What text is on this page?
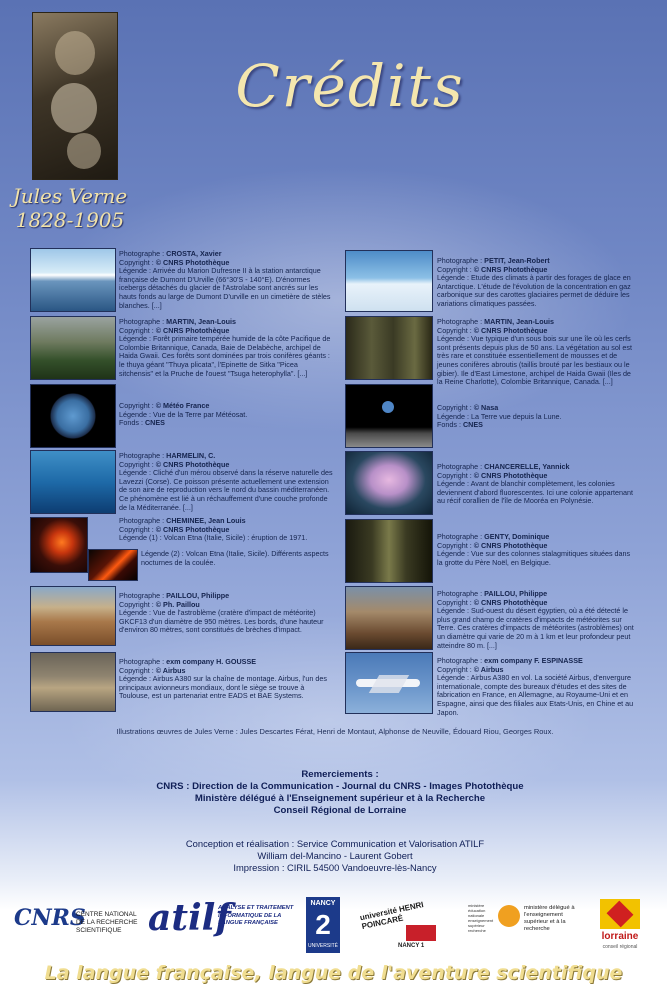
Jules Verne
1828-1905
Crédits
Photographe : CROSTA, Xavier
Copyright : © CNRS Photothèque
Légende : Arrivée du Marion Dufresne II à la station antarctique française de Dumont D'Urville (66°30'S - 140°E). D'énormes icebergs détachés du glacier de l'Astrolabe sont ancrés sur les hauts fonds au large de Dumont D'urville en un cimetière de stèles blanches. [...]
Photographe : MARTIN, Jean-Louis
Copyright : © CNRS Photothèque
Légende : Forêt primaire tempérée humide de la côte Pacifique de Colombie Britannique, Canada, Baie de Delabèche, archipel de Haida Gwaii. Ces forêts sont dominées par trois conifères géants : le thuya géant "Thuya plicata", l'Epinette de Sitka "Picea sitchensis" et la Pruche de l'ouest "Tsuga heterophylla". [...]
Copyright : © Météo France
Légende : Vue de la Terre par Météosat.
Fonds : CNES
Photographe : HARMELIN, C.
Copyright : © CNRS Photothèque
Légende : Cliché d'un mérou observé dans la réserve naturelle des Lavezzi (Corse). Ce poisson présente actuellement une extension de son aire de reproduction vers le nord du bassin méditerranéen. Ce phénomène est lié à un réchauffement d'une couche profonde de la Méditerranée. [...]
Photographe : CHEMINEE, Jean Louis
Copyright : © CNRS Photothèque
Légende (1) : Volcan Etna (Italie, Sicile) : éruption de 1971.
Légende (2) : Volcan Etna (Italie, Sicile). Différents aspects nocturnes de la coulée.
Photographe : PAILLOU, Philippe
Copyright : © Ph. Paillou
Légende : Vue de l'astroblème (cratère d'impact de météorite) GKCF13 d'un diamètre de 950 mètres. Les bords, d'une hauteur d'environ 80 mètres, sont constitués de brèches d'impact.
Photographe : exm company H. GOUSSE
Copyright : © Airbus
Légende : Airbus A380 sur la chaîne de montage. Airbus, l'un des principaux avionneurs mondiaux, dont le siège se trouve à Toulouse, est un partenariat entre EADS et BAE Systems.
Photographe : PETIT, Jean-Robert
Copyright : © CNRS Photothèque
Légende : Etude des climats à partir des forages de glace en Antarctique. L'étude de l'évolution de la concentration en gaz carbonique sur des carottes glaciaires permet de déduire les variations climatiques passées.
Photographe : MARTIN, Jean-Louis
Copyright : © CNRS Photothèque
Légende : Vue typique d'un sous bois sur une île où les cerfs sont présents depuis plus de 50 ans. La végétation au sol est très rare et constituée essentiellement de mousses et de jeunes conifères abroutis (taillis brouté par les bestiaux ou le gibier). Ile d'East Limestone, archipel de Haida Gwaii (Iles de la Reine Charlotte), Colombie Britannique, Canada. [...]
Copyright : © Nasa
Légende : La Terre vue depuis la Lune.
Fonds : CNES
Photographe : CHANCERELLE, Yannick
Copyright : © CNRS Photothèque
Légende : Avant de blanchir complètement, les colonies deviennent d'abord fluorescentes. Ici une colonie appartenant au récif corallien de l'île de Mooréa en Polynésie.
Photographe : GENTY, Dominique
Copyright : © CNRS Photothèque
Légende : Vue sur des colonnes stalagmitiques situées dans la grotte du Père Noël, en Belgique.
Photographe : PAILLOU, Philippe
Copyright : © CNRS Photothèque
Légende : Sud-ouest du désert égyptien, où a été détecté le plus grand champ de cratères d'impacts de météorites sur Terre. Ces cratères d'impacts de météorites (astroblèmes) ont un diamètre qui varie de 20 m à 1 km et leur profondeur peut atteindre 80 m. [...]
Photographe : exm company F. ESPINASSE
Copyright : © Airbus
Légende : Airbus A380 en vol. La société Airbus, d'envergure internationale, compte des bureaux d'études et des sites de fabrication en France, en Allemagne, au Royaume-Uni et en Espagne, ainsi que des filiales aux Etats-Unis, en Chine et au Japon.
Illustrations œuvres de Jules Verne : Jules Descartes Férat, Henri de Montaut, Alphonse de Neuville, Édouard Riou, Georges Roux.
Remerciements :
CNRS : Direction de la Communication - Journal du CNRS - Images Photothèque
Ministère délégué à l'Enseignement supérieur et à la Recherche
Conseil Régional de Lorraine
Conception et réalisation : Service Communication et Valorisation ATILF
William del-Mancino - Laurent Gobert
Impression : CIRIL 54500 Vandoeuvre-lès-Nancy
CNRS
CENTRE NATIONAL DE LA RECHERCHE SCIENTIFIQUE atilf
ANALYSE ET TRAITEMENT INFORMATIQUE DE LA LANGUE FRANÇAISE
NANCY
2
UNIVERSITÉ
université HENRI POINCARÉ
NANCY 1
ministère éducation nationale enseignement supérieur recherche
ministère délégué à l'enseignement supérieur et à la recherche
lorraine
conseil régional
La langue française, langue de l'aventure scientifique
